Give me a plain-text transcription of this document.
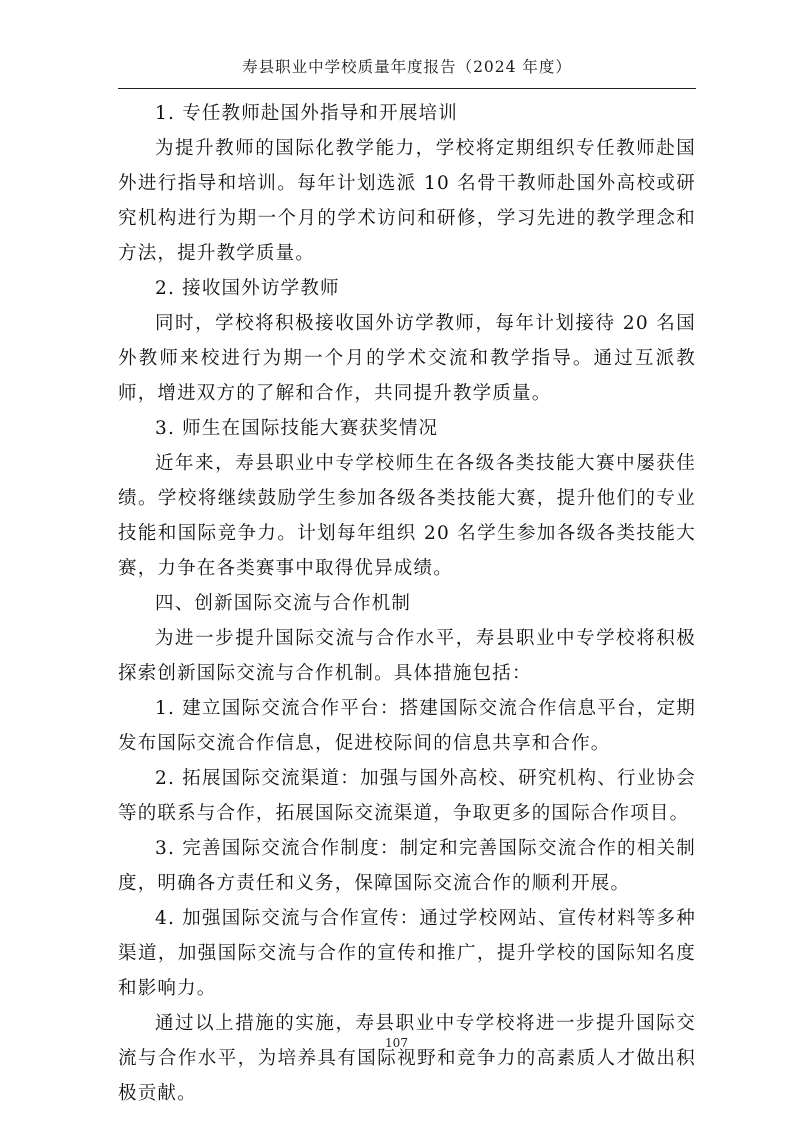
寿县职业中学校质量年度报告（2024 年度）

1. 专任教师赴国外指导和开展培训

为提升教师的国际化教学能力，学校将定期组织专任教师赴国外进行指导和培训。每年计划选派 10 名骨干教师赴国外高校或研究机构进行为期一个月的学术访问和研修，学习先进的教学理念和方法，提升教学质量。

2. 接收国外访学教师

同时，学校将积极接收国外访学教师，每年计划接待 20 名国外教师来校进行为期一个月的学术交流和教学指导。通过互派教师，增进双方的了解和合作，共同提升教学质量。

3. 师生在国际技能大赛获奖情况

近年来，寿县职业中专学校师生在各级各类技能大赛中屡获佳绩。学校将继续鼓励学生参加各级各类技能大赛，提升他们的专业技能和国际竞争力。计划每年组织 20 名学生参加各级各类技能大赛，力争在各类赛事中取得优异成绩。

四、创新国际交流与合作机制

为进一步提升国际交流与合作水平，寿县职业中专学校将积极探索创新国际交流与合作机制。具体措施包括：

1. 建立国际交流合作平台：搭建国际交流合作信息平台，定期发布国际交流合作信息，促进校际间的信息共享和合作。

2. 拓展国际交流渠道：加强与国外高校、研究机构、行业协会等的联系与合作，拓展国际交流渠道，争取更多的国际合作项目。

3. 完善国际交流合作制度：制定和完善国际交流合作的相关制度，明确各方责任和义务，保障国际交流合作的顺利开展。

4. 加强国际交流与合作宣传：通过学校网站、宣传材料等多种渠道，加强国际交流与合作的宣传和推广，提升学校的国际知名度和影响力。

通过以上措施的实施，寿县职业中专学校将进一步提升国际交流与合作水平，为培养具有国际视野和竞争力的高素质人才做出积极贡献。

107
